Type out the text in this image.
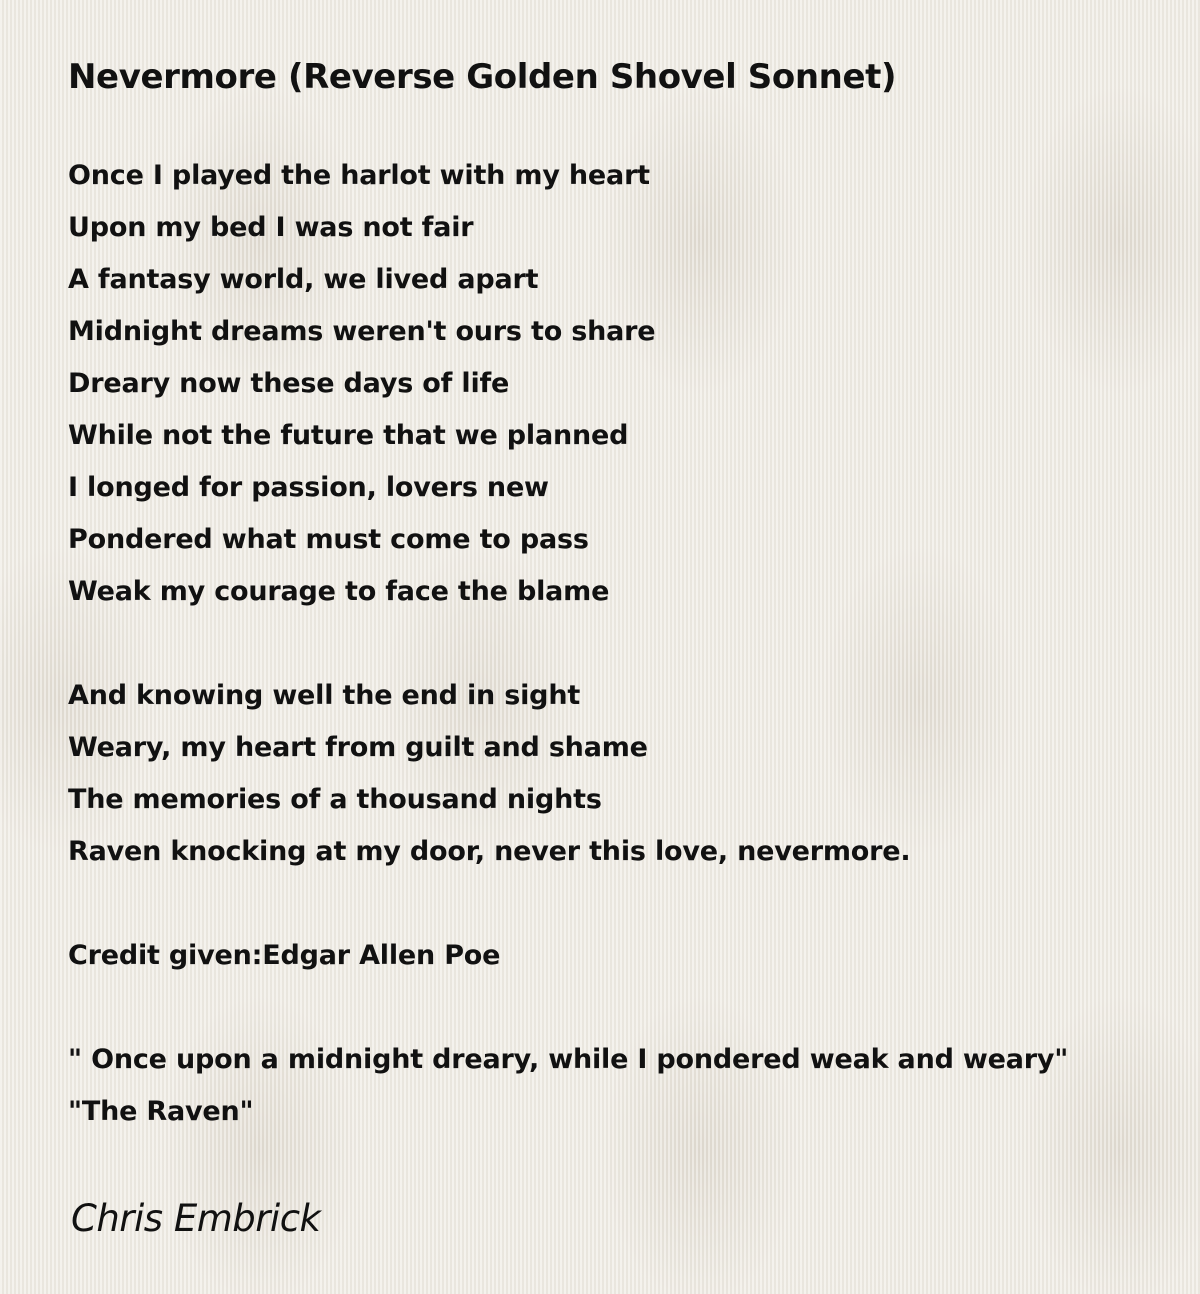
Nevermore (Reverse Golden Shovel Sonnet)
Once I played the harlot with my heart
Upon my bed I was not fair
A fantasy world, we lived apart
Midnight dreams weren't ours to share
Dreary now these days of life
While not the future that we planned
I longed for passion, lovers new
Pondered what must come to pass
Weak my courage to face the blame
And knowing well the end in sight
Weary, my heart from guilt and shame
The memories of a thousand nights
Raven knocking at my door, never this love, nevermore.
Credit given:Edgar Allen Poe
" Once upon a midnight dreary, while I pondered weak and weary"
"The Raven"
Chris Embrick
